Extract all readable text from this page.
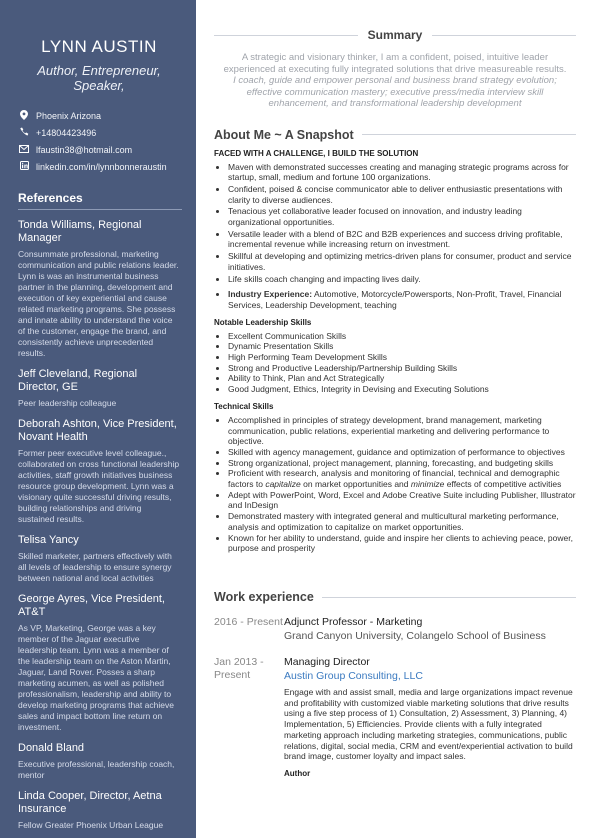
LYNN AUSTIN
Author, Entrepreneur, Speaker,
Phoenix Arizona
+14804423496
lfaustin38@hotmail.com
linkedin.com/in/lynnbonneraustin
References
Tonda Williams, Regional Manager
Consummate professional, marketing communication and public relations leader. Lynn is was an instrumental business partner in the planning, development and execution of key experiential and cause related marketing programs. She possess and innate ability to understand the voice of the customer, engage the brand, and consistently achieve unprecedented results.
Jeff Cleveland, Regional Director, GE
Peer leadership colleague
Deborah Ashton, Vice President, Novant Health
Former peer executive level colleague., collaborated on cross functional leadership activities, staff growth initiatives business resource group development. Lynn was a visionary quite successful driving results, building relationships and driving sustained results.
Telisa Yancy
Skilled marketer, partners effectively with all levels of leadership to ensure synergy between national and local activities
George Ayres, Vice President, AT&T
As VP, Marketing, George was a key member of the Jaguar executive leadership team. Lynn was a member of the leadership team on the Aston Martin, Jaguar, Land Rover. Posses a sharp marketing acumen, as well as polished professionalism, leadership and ability to develop marketing programs that achieve sales and impact bottom line return on investment.
Donald Bland
Executive professional, leadership coach, mentor
Linda Cooper, Director, Aetna Insurance
Fellow Greater Phoenix Urban League
Summary
A strategic and visionary thinker, I am a confident, poised, intuitive leader experienced at executing fully integrated solutions that drive measureable results. I coach, guide and empower personal and business brand strategy evolution; effective communication mastery; executive press/media interview skill enhancement, and transformational leadership development
About Me ~ A Snapshot
FACED WITH A CHALLENGE, I BUILD THE SOLUTION
• Maven with demonstrated successes creating and managing strategic programs across for startup, small, medium and fortune 100 organizations.
• Confident, poised & concise communicator able to deliver enthusiastic presentations with clarity to diverse audiences.
• Tenacious yet collaborative leader focused on innovation, and industry leading organizational opportunities.
• Versatile leader with a blend of B2C and B2B experiences and success driving profitable, incremental revenue while increasing return on investment.
• Skillful at developing and optimizing metrics-driven plans for consumer, product and service initiatives.
• Life skills coach changing and impacting lives daily.
• Industry Experience: Automotive, Motorcycle/Powersports, Non-Profit, Travel, Financial Services, Leadership Development, teaching
Notable Leadership Skills
• Excellent Communication Skills
• Dynamic Presentation Skills
• High Performing Team Development Skills
• Strong and Productive Leadership/Partnership Building Skills
• Ability to Think, Plan and Act Strategically
• Good Judgment, Ethics, Integrity in Devising and Executing Solutions
Technical Skills
• Accomplished in principles of strategy development, brand management, marketing communication, public relations, experiential marketing and delivering performance to objective.
• Skilled with agency management, guidance and optimization of performance to objectives
• Strong organizational, project management, planning, forecasting, and budgeting skills
• Proficient with research, analysis and monitoring of financial, technical and demographic factors to capitalize on market opportunities and minimize effects of competitive activities
• Adept with PowerPoint, Word, Excel and Adobe Creative Suite including Publisher, Illustrator and InDesign
• Demonstrated mastery with integrated general and multicultural marketing performance, analysis and optimization to capitalize on market opportunities.
• Known for her ability to understand, guide and inspire her clients to achieving peace, power, purpose and prosperity
Work experience
2016 - Present Adjunct Professor - Marketing
Grand Canyon University, Colangelo School of Business
Jan 2013 - Present
Managing Director
Austin Group Consulting, LLC
Engage with and assist small, media and large organizations impact revenue and profitability with customized viable marketing solutions that drive results using a five step process of 1) Consultation, 2) Assessment, 3) Planning, 4) Implementation, 5) Efficiencies. Provide clients with a fully integrated marketing approach including marketing strategies, communications, public relations, digital, social media, CRM and event/experiential activation to build brand image, customer loyalty and impact sales.
Author
